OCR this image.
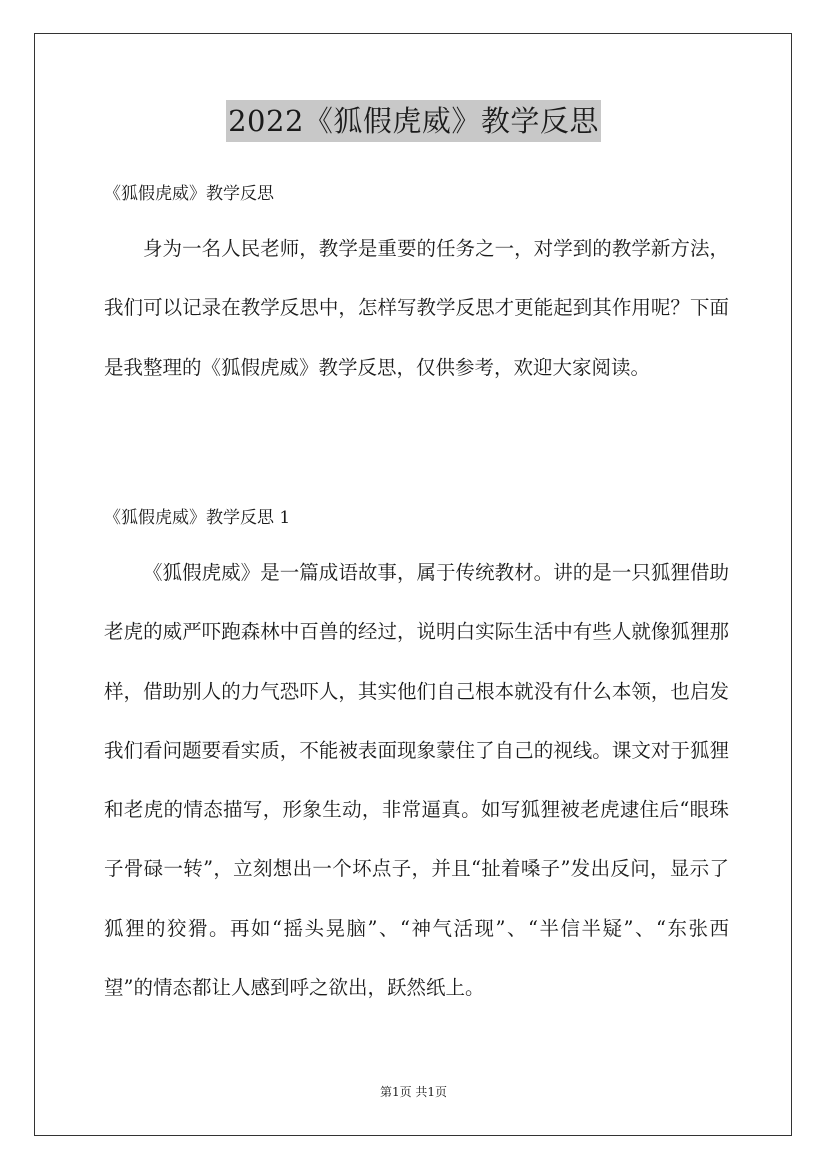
2022《狐假虎威》教学反思
《狐假虎威》教学反思

身为一名人民老师，教学是重要的任务之一，对学到的教学新方法，我们可以记录在教学反思中，怎样写教学反思才更能起到其作用呢？下面是我整理的《狐假虎威》教学反思，仅供参考，欢迎大家阅读。

《狐假虎威》教学反思 1

《狐假虎威》是一篇成语故事，属于传统教材。讲的是一只狐狸借助老虎的威严吓跑森林中百兽的经过，说明白实际生活中有些人就像狐狸那样，借助别人的力气恐吓人，其实他们自己根本就没有什么本领，也启发我们看问题要看实质，不能被表面现象蒙住了自己的视线。课文对于狐狸和老虎的情态描写，形象生动，非常逼真。如写狐狸被老虎逮住后“眼珠子骨碌一转”，立刻想出一个坏点子，并且“扯着嗓子”发出反问，显示了狐狸的狡猾。再如“摇头晃脑”、“神气活现”、“半信半疑”、“东张西望”的情态都让人感到呼之欲出，跃然纸上。

第1页 共1页
